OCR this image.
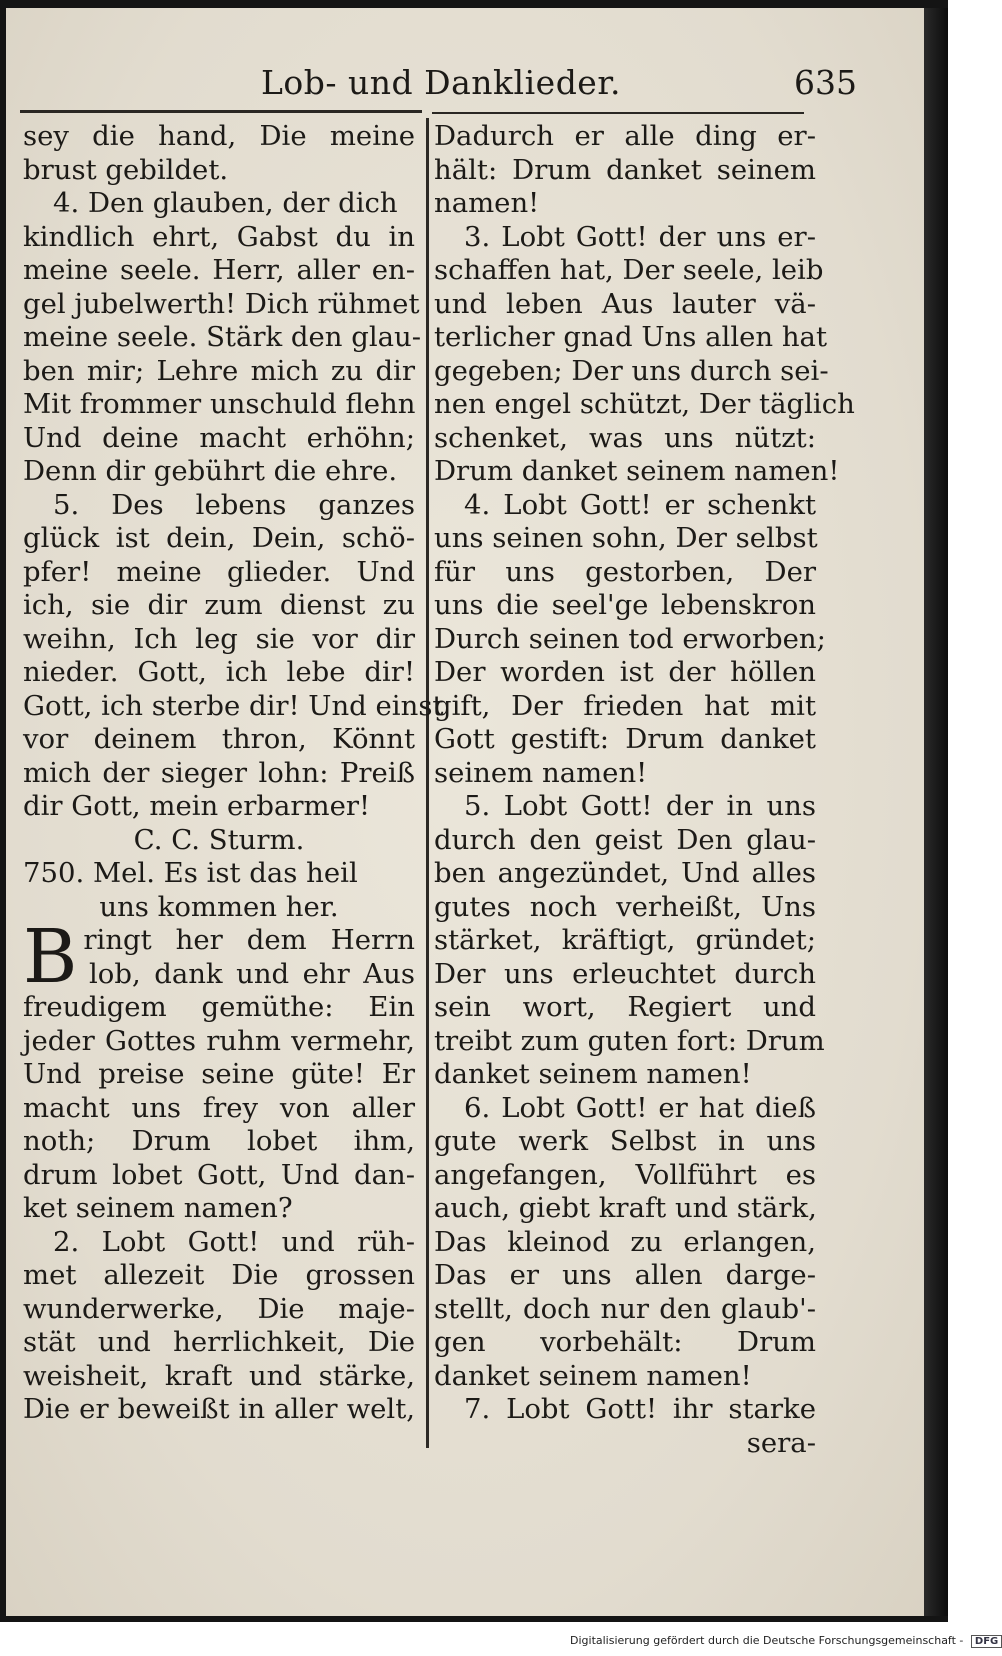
Lob- und Danklieder.	635
sey die hand, Die meine
brust gebildet.
4. Den glauben, der dich
kindlich ehrt, Gabst du in
meine seele. Herr, aller en-
gel jubelwerth! Dich rühmet
meine seele. Stärk den glau-
ben mir; Lehre mich zu dir
Mit frommer unschuld flehn
Und deine macht erhöhn;
Denn dir gebührt die ehre.
5. Des lebens ganzes
glück ist dein, Dein, schö-
pfer! meine glieder. Und
ich, sie dir zum dienst zu
weihn, Ich leg sie vor dir
nieder. Gott, ich lebe dir!
Gott, ich sterbe dir! Und einst
vor deinem thron, Könnt
mich der sieger lohn: Preiß
dir Gott, mein erbarmer!
C. C. Sturm.
750. Mel. Es ist das heil
uns kommen her.
Bringt her dem Herrn
lob, dank und ehr Aus
freudigem gemüthe: Ein
jeder Gottes ruhm vermehr,
Und preise seine güte! Er
macht uns frey von aller
noth; Drum lobet ihm,
drum lobet Gott, Und dan-
ket seinem namen?
2. Lobt Gott! und rüh-
met allezeit Die grossen
wunderwerke, Die maje-
stät und herrlichkeit, Die
weisheit, kraft und stärke,
Die er beweißt in aller welt,
Dadurch er alle ding er-
hält: Drum danket seinem
namen!
3. Lobt Gott! der uns er-
schaffen hat, Der seele, leib
und leben Aus lauter vä-
terlicher gnad Uns allen hat
gegeben; Der uns durch sei-
nen engel schützt, Der täglich
schenket, was uns nützt:
Drum danket seinem namen!
4. Lobt Gott! er schenkt
uns seinen sohn, Der selbst
für uns gestorben, Der
uns die seel'ge lebenskron
Durch seinen tod erworben;
Der worden ist der höllen
gift, Der frieden hat mit
Gott gestift: Drum danket
seinem namen!
5. Lobt Gott! der in uns
durch den geist Den glau-
ben angezündet, Und alles
gutes noch verheißt, Uns
stärket, kräftigt, gründet;
Der uns erleuchtet durch
sein wort, Regiert und
treibt zum guten fort: Drum
danket seinem namen!
6. Lobt Gott! er hat dieß
gute werk Selbst in uns
angefangen, Vollführt es
auch, giebt kraft und stärk,
Das kleinod zu erlangen,
Das er uns allen darge-
stellt, doch nur den glaub'-
gen vorbehält: Drum
danket seinem namen!
7. Lobt Gott! ihr starke
sera-
Digitalisierung gefördert durch die Deutsche Forschungsgemeinschaft - DFG
